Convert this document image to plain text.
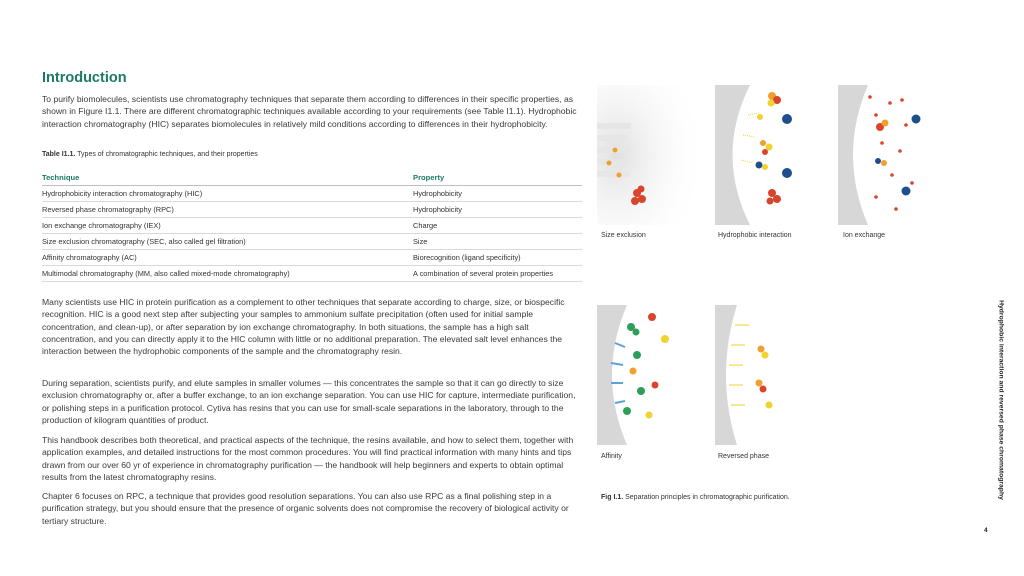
Introduction

To purify biomolecules, scientists use chromatography techniques that separate them according to differences in their specific properties, as shown in Figure I1.1. There are different chromatographic techniques available according to your requirements (see Table I1.1). Hydrophobic interaction chromatography (HIC) separates biomolecules in relatively mild conditions according to differences in their hydrophobicity.

Table I1.1. Types of chromatographic techniques, and their properties
Technique	Property
Hydrophobicity interaction chromatography (HIC)	Hydrophobicity
Reversed phase chromatography (RPC)	Hydrophobicity
Ion exchange chromatography (IEX)	Charge
Size exclusion chromatography (SEC, also called gel filtration)	Size
Affinity chromatography (AC)	Biorecognition (ligand specificity)
Multimodal chromatography (MM, also called mixed-mode chromatography)	A combination of several protein properties

Many scientists use HIC in protein purification as a complement to other techniques that separate according to charge, size, or biospecific recognition. HIC is a good next step after subjecting your samples to ammonium sulfate precipitation (often used for initial sample concentration, and clean-up), or after separation by ion exchange chromatography. In both situations, the sample has a high salt concentration, and you can directly apply it to the HIC column with little or no additional preparation. The elevated salt level enhances the interaction between the hydrophobic components of the sample and the chromatography resin.

During separation, scientists purify, and elute samples in smaller volumes — this concentrates the sample so that it can go directly to size exclusion chromatography or, after a buffer exchange, to an ion exchange separation. You can use HIC for capture, intermediate purification, or polishing steps in a purification protocol. Cytiva has resins that you can use for small-scale separations in the laboratory, through to the production of kilogram quantities of product.

This handbook describes both theoretical, and practical aspects of the technique, the resins available, and how to select them, together with application examples, and detailed instructions for the most common procedures. You will find practical information with many hints and tips drawn from our over 60 yr of experience in chromatography purification — the handbook will help beginners and experts to obtain optimal results from the latest chromatography resins.

Chapter 6 focuses on RPC, a technique that provides good resolution separations. You can also use RPC as a final polishing step in a purification strategy, but you should ensure that the presence of organic solvents does not compromise the recovery of biological activity or tertiary structure.

Size exclusion	Hydrophobic interaction	Ion exchange
Affinity	Reversed phase
Fig I.1. Separation principles in chromatographic purification.	Hydrophobic interaction and reversed phase chromatography
4
